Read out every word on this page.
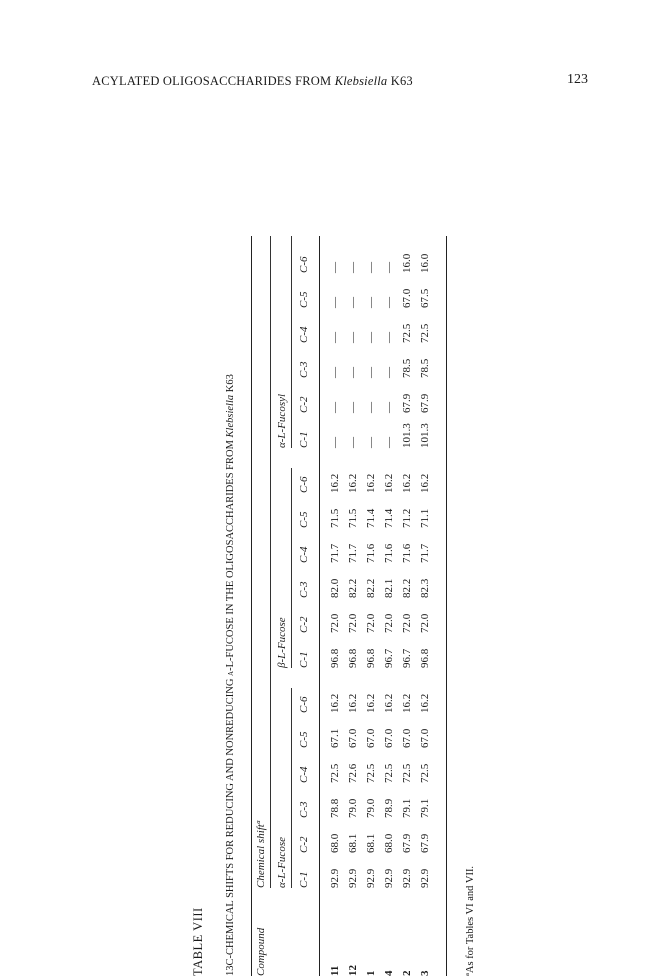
ACYLATED OLIGOSACCHARIDES FROM Klebsiella K63	123
TABLE VIII 13C-CHEMICAL SHIFTS FOR REDUCING AND NONREDUCING α-L-FUCOSE IN THE OLIGOSACCHARIDES FROM Klebsiella K63
Compound
Chemical shiftª α-L-Fucose
β-L-Fucose
α-L-Fucosyl
C-1
C-2
C-3
C-4
C-5
C-6
C-1
C-2
C-3
C-4
C-5
C-6
C-1
C-2
C-3
C-4
C-5
C-6
11
92.9
68.0
78.8
72.5
67.1
16.2
96.8
72.0
82.0
71.7
71.5
16.2
—
—
—
—
—
—
12
92.9
68.1
79.0
72.6
67.0
16.2
96.8
72.0
82.2
71.7
71.5
16.2
—
—
—
—
—
—
1
92.9
68.1
79.0
72.5
67.0
16.2
96.8
72.0
82.2
71.6
71.4
16.2
—
—
—
—
—
—
4
92.9
68.0
78.9
72.5
67.0
16.2
96.7
72.0
82.1
71.6
71.4
16.2
—
—
—
—
—
—
2
92.9
67.9
79.1
72.5
67.0
16.2
96.7
72.0
82.2
71.6
71.2
16.2
101.3
67.9
78.5
72.5
67.0
16.0
3
92.9
67.9
79.1
72.5
67.0
16.2
96.8
72.0
82.3
71.7
71.1
16.2
101.3
67.9
78.5
72.5
67.5
16.0
ªAs for Tables VI and VII.
